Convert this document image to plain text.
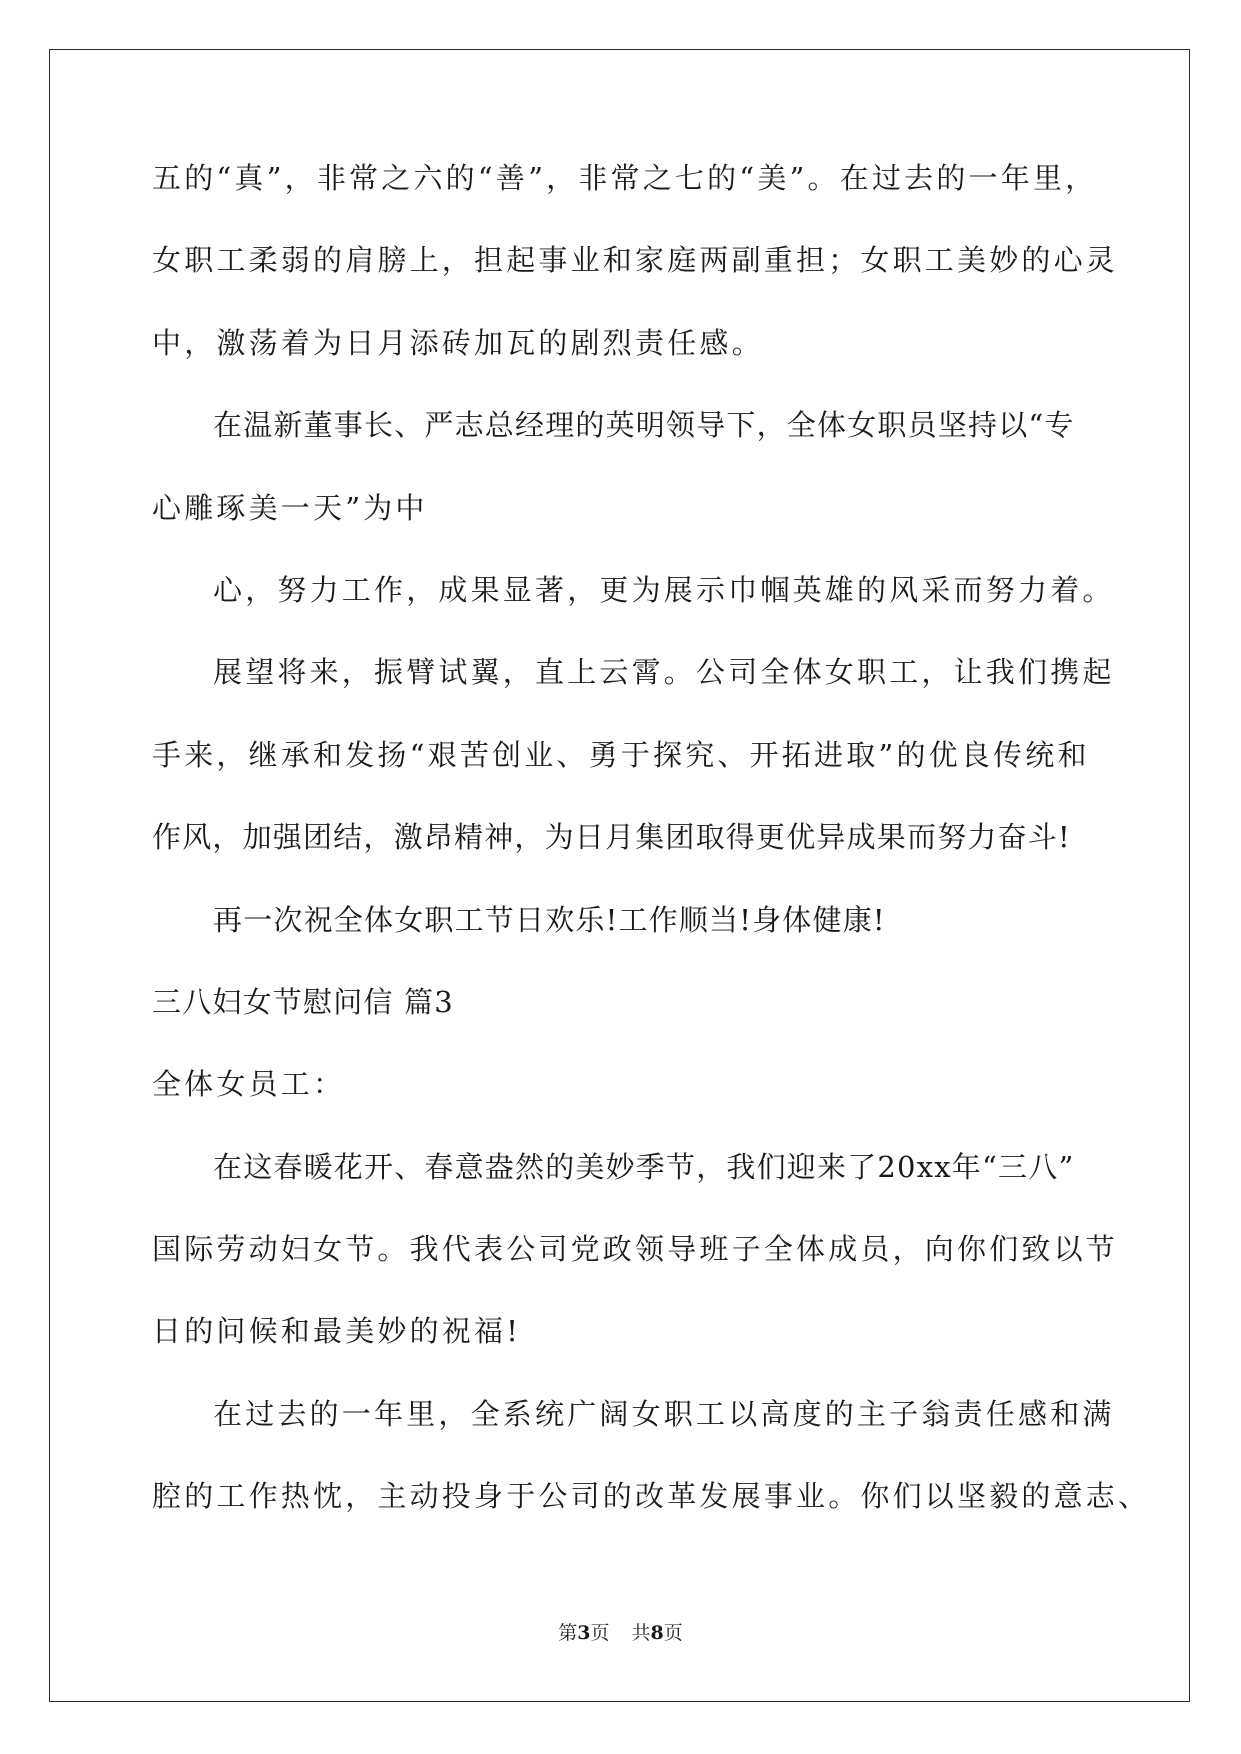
五的“真”，非常之六的“善”，非常之七的“美”。在过去的一年里，
女职工柔弱的肩膀上，担起事业和家庭两副重担；女职工美妙的心灵
中，激荡着为日月添砖加瓦的剧烈责任感。
在温新董事长、严志总经理的英明领导下，全体女职员坚持以“专
心雕琢美一天”为中
心，努力工作，成果显著，更为展示巾帼英雄的风采而努力着。
展望将来，振臂试翼，直上云霄。公司全体女职工，让我们携起
手来，继承和发扬“艰苦创业、勇于探究、开拓进取”的优良传统和
作风，加强团结，激昂精神，为日月集团取得更优异成果而努力奋斗!
再一次祝全体女职工节日欢乐!工作顺当!身体健康!
三八妇女节慰问信 篇3
全体女员工：
在这春暖花开、春意盎然的美妙季节，我们迎来了20xx年“三八”
国际劳动妇女节。我代表公司党政领导班子全体成员，向你们致以节
日的问候和最美妙的祝福!
在过去的一年里，全系统广阔女职工以高度的主子翁责任感和满
腔的工作热忱，主动投身于公司的改革发展事业。你们以坚毅的意志、
第3页 共8页
